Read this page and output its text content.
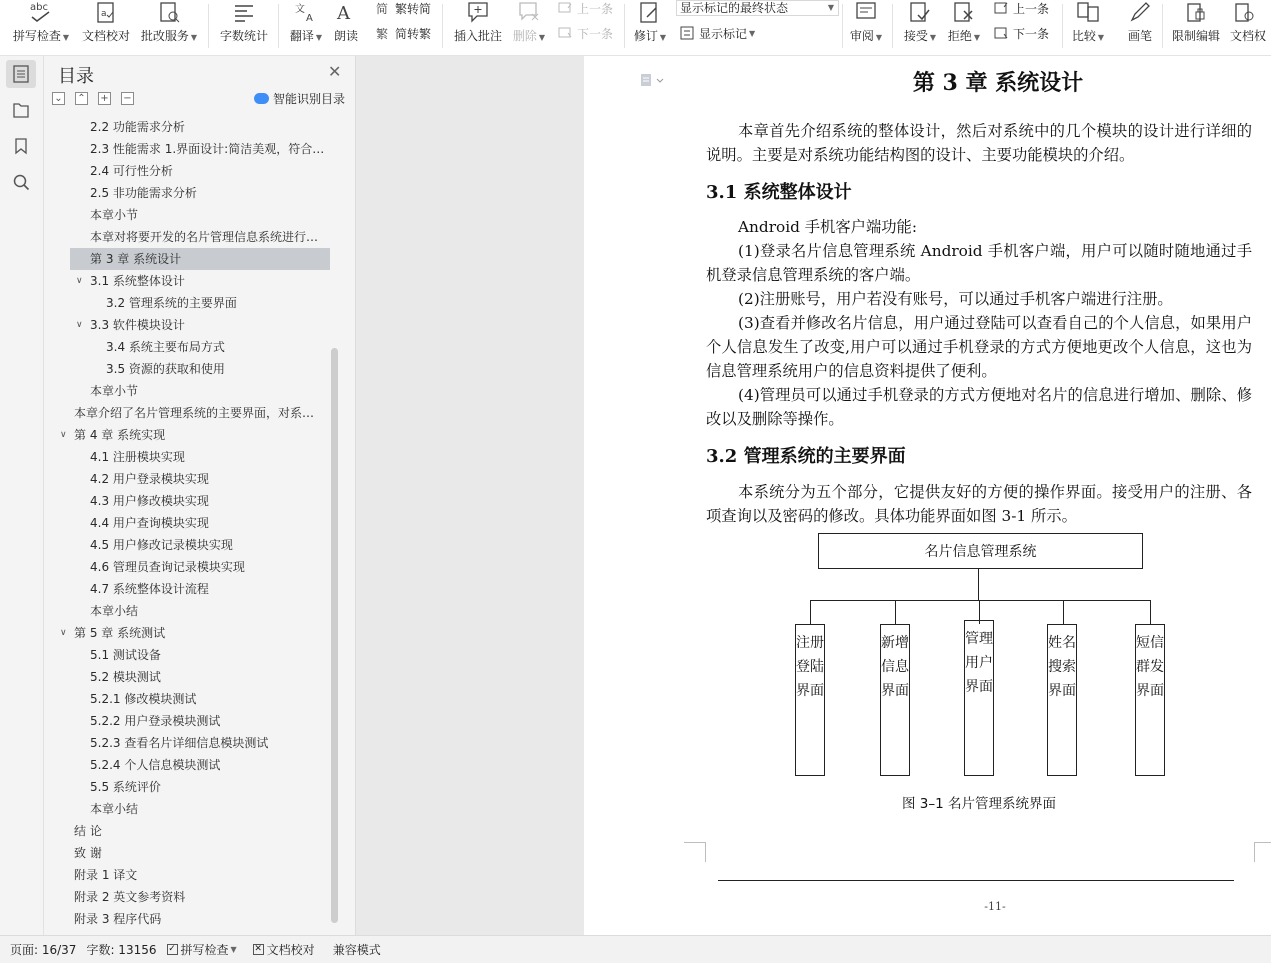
abc
拼写检查 ▼
a
文档校对 批改服务 ▼ 字数统计
文
A
翻译 ▼
A
朗读
简 繁转简
繁 简转繁 插入批注 删除 ▼
上一条
下一条 修订 ▼
显示标记的最终状态	▼
显示标记 ▼	审阅 ▼ 接受 ▼ 拒绝 ▼
上一条
下一条 比较 ▼ 画笔 限制编辑 文档权
目录	✕
⌄ ⌃ + −	智能识别目录
2.2 功能需求分析
2.3 性能需求 1.界面设计:简洁美观，符合…
2.4 可行性分析
2.5 非功能需求分析
本章小节
本章对将要开发的名片管理信息系统进行…
第 3 章 系统设计
∨ 3.1 系统整体设计
3.2 管理系统的主要界面
∨ 3.3 软件模块设计
3.4 系统主要布局方式
3.5 资源的获取和使用
本章小节
本章介绍了名片管理系统的主要界面，对系…
∨ 第 4 章 系统实现
4.1 注册模块实现
4.2 用户登录模块实现
4.3 用户修改模块实现
4.4 用户查询模块实现
4.5 用户修改记录模块实现
4.6 管理员查询记录模块实现
4.7 系统整体设计流程
本章小结
∨ 第 5 章 系统测试
5.1 测试设备
5.2 模块测试
5.2.1 修改模块测试
5.2.2 用户登录模块测试
5.2.3 查看名片详细信息模块测试
5.2.4 个人信息模块测试
5.5 系统评价
本章小结
结 论
致 谢
附录 1 译文
附录 2 英文参考资料
附录 3 程序代码
第 3 章 系统设计
本章首先介绍系统的整体设计，然后对系统中的几个模块的设计进行详细的说明。主要是对系统功能结构图的设计、主要功能模块的介绍。
3.1 系统整体设计
Android 手机客户端功能:
(1)登录名片信息管理系统 Android 手机客户端，用户可以随时随地通过手机登录信息管理系统的客户端。
(2)注册账号，用户若没有账号，可以通过手机客户端进行注册。
(3)查看并修改名片信息，用户通过登陆可以查看自己的个人信息，如果用户个人信息发生了改变,用户可以通过手机登录的方式方便地更改个人信息，这也为信息管理系统用户的信息资料提供了便利。
(4)管理员可以通过手机登录的方式方便地对名片的信息进行增加、删除、修改以及删除等操作。
3.2 管理系统的主要界面
本系统分为五个部分，它提供友好的方便的操作界面。接受用户的注册、各项查询以及密码的修改。具体功能界面如图 3-1 所示。
名片信息管理系统
注册登陆界面
新增信息界面
管理用户界面
姓名搜索界面
短信群发界面
图 3–1 名片管理系统界面
-11-
页面: 16/37 字数: 13156 ✓ 拼写检查 ▼ ✕ 文档校对 兼容模式
